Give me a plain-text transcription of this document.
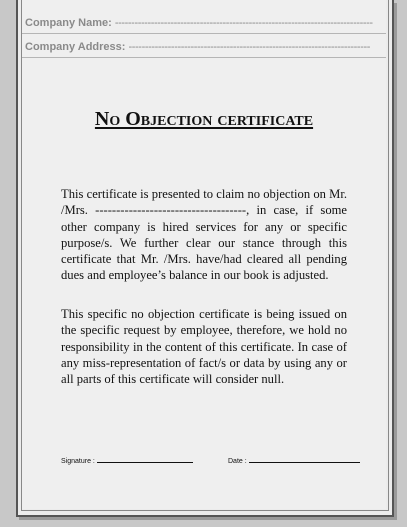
Company Name: -------------------------------------------------------------------------------
Company Address: --------------------------------------------------------------------------
No Objection certificate
This certificate is presented to claim no objection on Mr. /Mrs. ------------------------------------, in case, if some other company is hired services for any or specific purpose/s. We further clear our stance through this certificate that Mr. /Mrs. have/had cleared all pending dues and employee’s balance in our book is adjusted.
This specific no objection certificate is being issued on the specific request by employee, therefore, we hold no responsibility in the content of this certificate. In case of any miss-representation of fact/s or data by using any or all parts of this certificate will consider null.
Signature :	Date :
